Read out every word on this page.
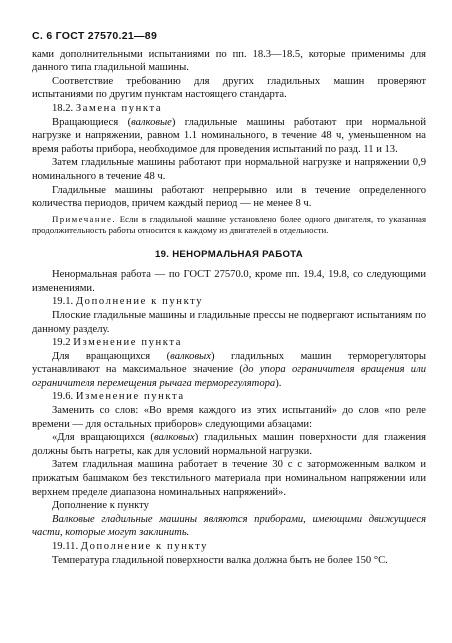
С. 6 ГОСТ 27570.21—89

ками дополнительными испытаниями по пп. 18.3—18.5, которые применимы для данного типа гладильной машины.

Соответствие требованию для других гладильных машин проверяют испытаниями по другим пунктам настоящего стандарта.

18.2. Замена пункта

Вращающиеся (валковые) гладильные машины работают при нормальной нагрузке и напряжении, равном 1.1 номинального, в течение 48 ч, уменьшенном на время работы прибора, необходимое для проведения испытаний по разд. 11 и 13.

Затем гладильные машины работают при нормальной нагрузке и напряжении 0,9 номинального в течение 48 ч.

Гладильные машины работают непрерывно или в течение определенного количества периодов, причем каждый период — не менее 8 ч.

Примечание. Если в гладильной машине установлено более одного двигателя, то указанная продолжительность работы относится к каждому из двигателей в отдельности.

19. НЕНОРМАЛЬНАЯ РАБОТА

Ненормальная работа — по ГОСТ 27570.0, кроме пп. 19.4, 19.8, со следующими изменениями.

19.1. Дополнение к пункту

Плоские гладильные машины и гладильные прессы не подвергают испытаниям по данному разделу.

19.2 Изменение пункта

Для вращающихся (валковых) гладильных машин терморегуляторы устанавливают на максимальное значение (до упора ограничителя вращения или ограничителя перемещения рычага терморегулятора).

19.6. Изменение пункта

Заменить со слов: «Во время каждого из этих испытаний» до слов «по реле времени — для остальных приборов» следующими абзацами:

«Для вращающихся (валковых) гладильных машин поверхности для глажения должны быть нагреты, как для условий нормальной нагрузки.

Затем гладильная машина работает в течение 30 с с заторможенным валком и прижатым башмаком без текстильного материала при номинальном напряжении или верхнем пределе диапазона номинальных напряжений».

Дополнение к пункту

Валковые гладильные машины являются приборами, имеющими движущиеся части, которые могут заклинить.

19.11. Дополнение к пункту

Температура гладильной поверхности валка должна быть не более 150 °С.
